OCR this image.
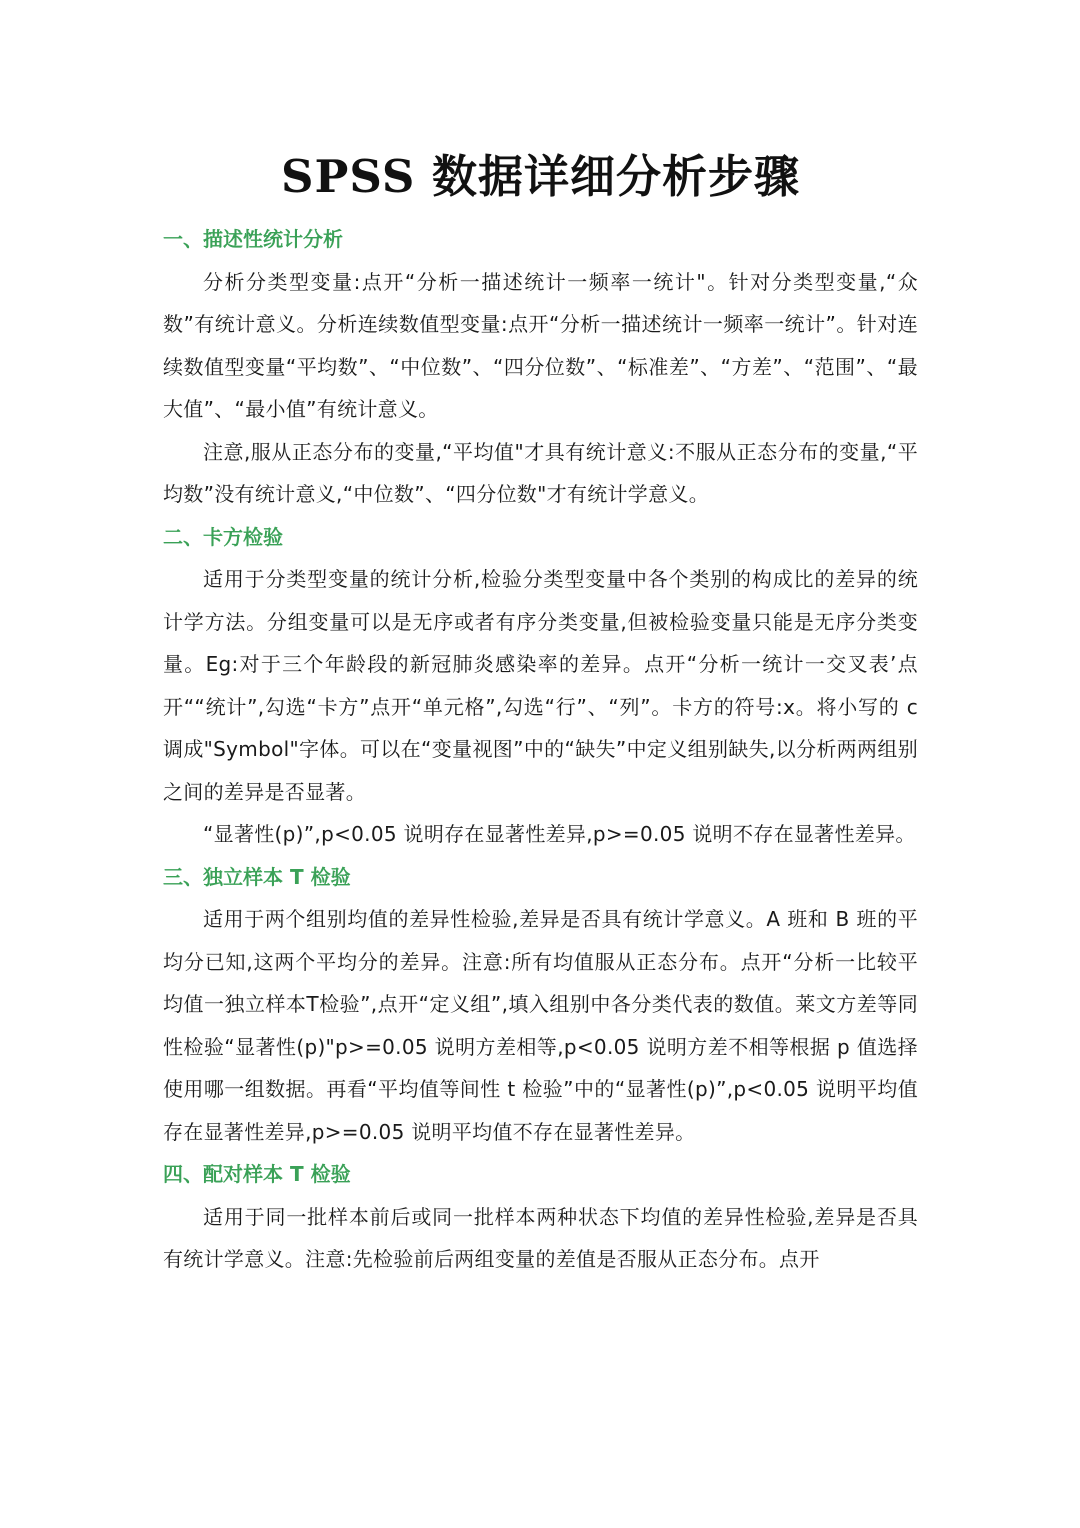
SPSS 数据详细分析步骤
一、描述性统计分析

分析分类型变量:点开“分析一描述统计一频率一统计"。针对分类型变量,“众数”有统计意义。分析连续数值型变量:点开“分析一描述统计一频率一统计”。针对连续数值型变量“平均数”、“中位数”、“四分位数”、“标准差”、“方差”、“范围”、“最大值”、“最小值”有统计意义。

注意,服从正态分布的变量,“平均值"才具有统计意义:不服从正态分布的变量,“平均数”没有统计意义,“中位数”、“四分位数"才有统计学意义。

二、卡方检验

适用于分类型变量的统计分析,检验分类型变量中各个类别的构成比的差异的统计学方法。分组变量可以是无序或者有序分类变量,但被检验变量只能是无序分类变量。Eg:对于三个年龄段的新冠肺炎感染率的差异。点开“分析一统计一交叉表’点开““统计”,勾选“卡方”点开“单元格”,勾选“行”、“列”。卡方的符号:x。将小写的 c 调成"Symbol"字体。可以在“变量视图”中的“缺失”中定义组别缺失,以分析两两组别之间的差异是否显著。

“显著性(p)”,p<0.05 说明存在显著性差异,p>=0.05 说明不存在显著性差异。

三、独立样本 T 检验

适用于两个组别均值的差异性检验,差异是否具有统计学意义。A 班和 B 班的平均分已知,这两个平均分的差异。注意:所有均值服从正态分布。点开“分析一比较平均值一独立样本T检验”,点开“定义组”,填入组别中各分类代表的数值。莱文方差等同性检验“显著性(p)"p>=0.05 说明方差相等,p<0.05 说明方差不相等根据 p 值选择使用哪一组数据。再看“平均值等间性 t 检验”中的“显著性(p)”,p<0.05 说明平均值存在显著性差异,p>=0.05 说明平均值不存在显著性差异。

四、配对样本 T 检验

适用于同一批样本前后或同一批样本两种状态下均值的差异性检验,差异是否具有统计学意义。注意:先检验前后两组变量的差值是否服从正态分布。点开
